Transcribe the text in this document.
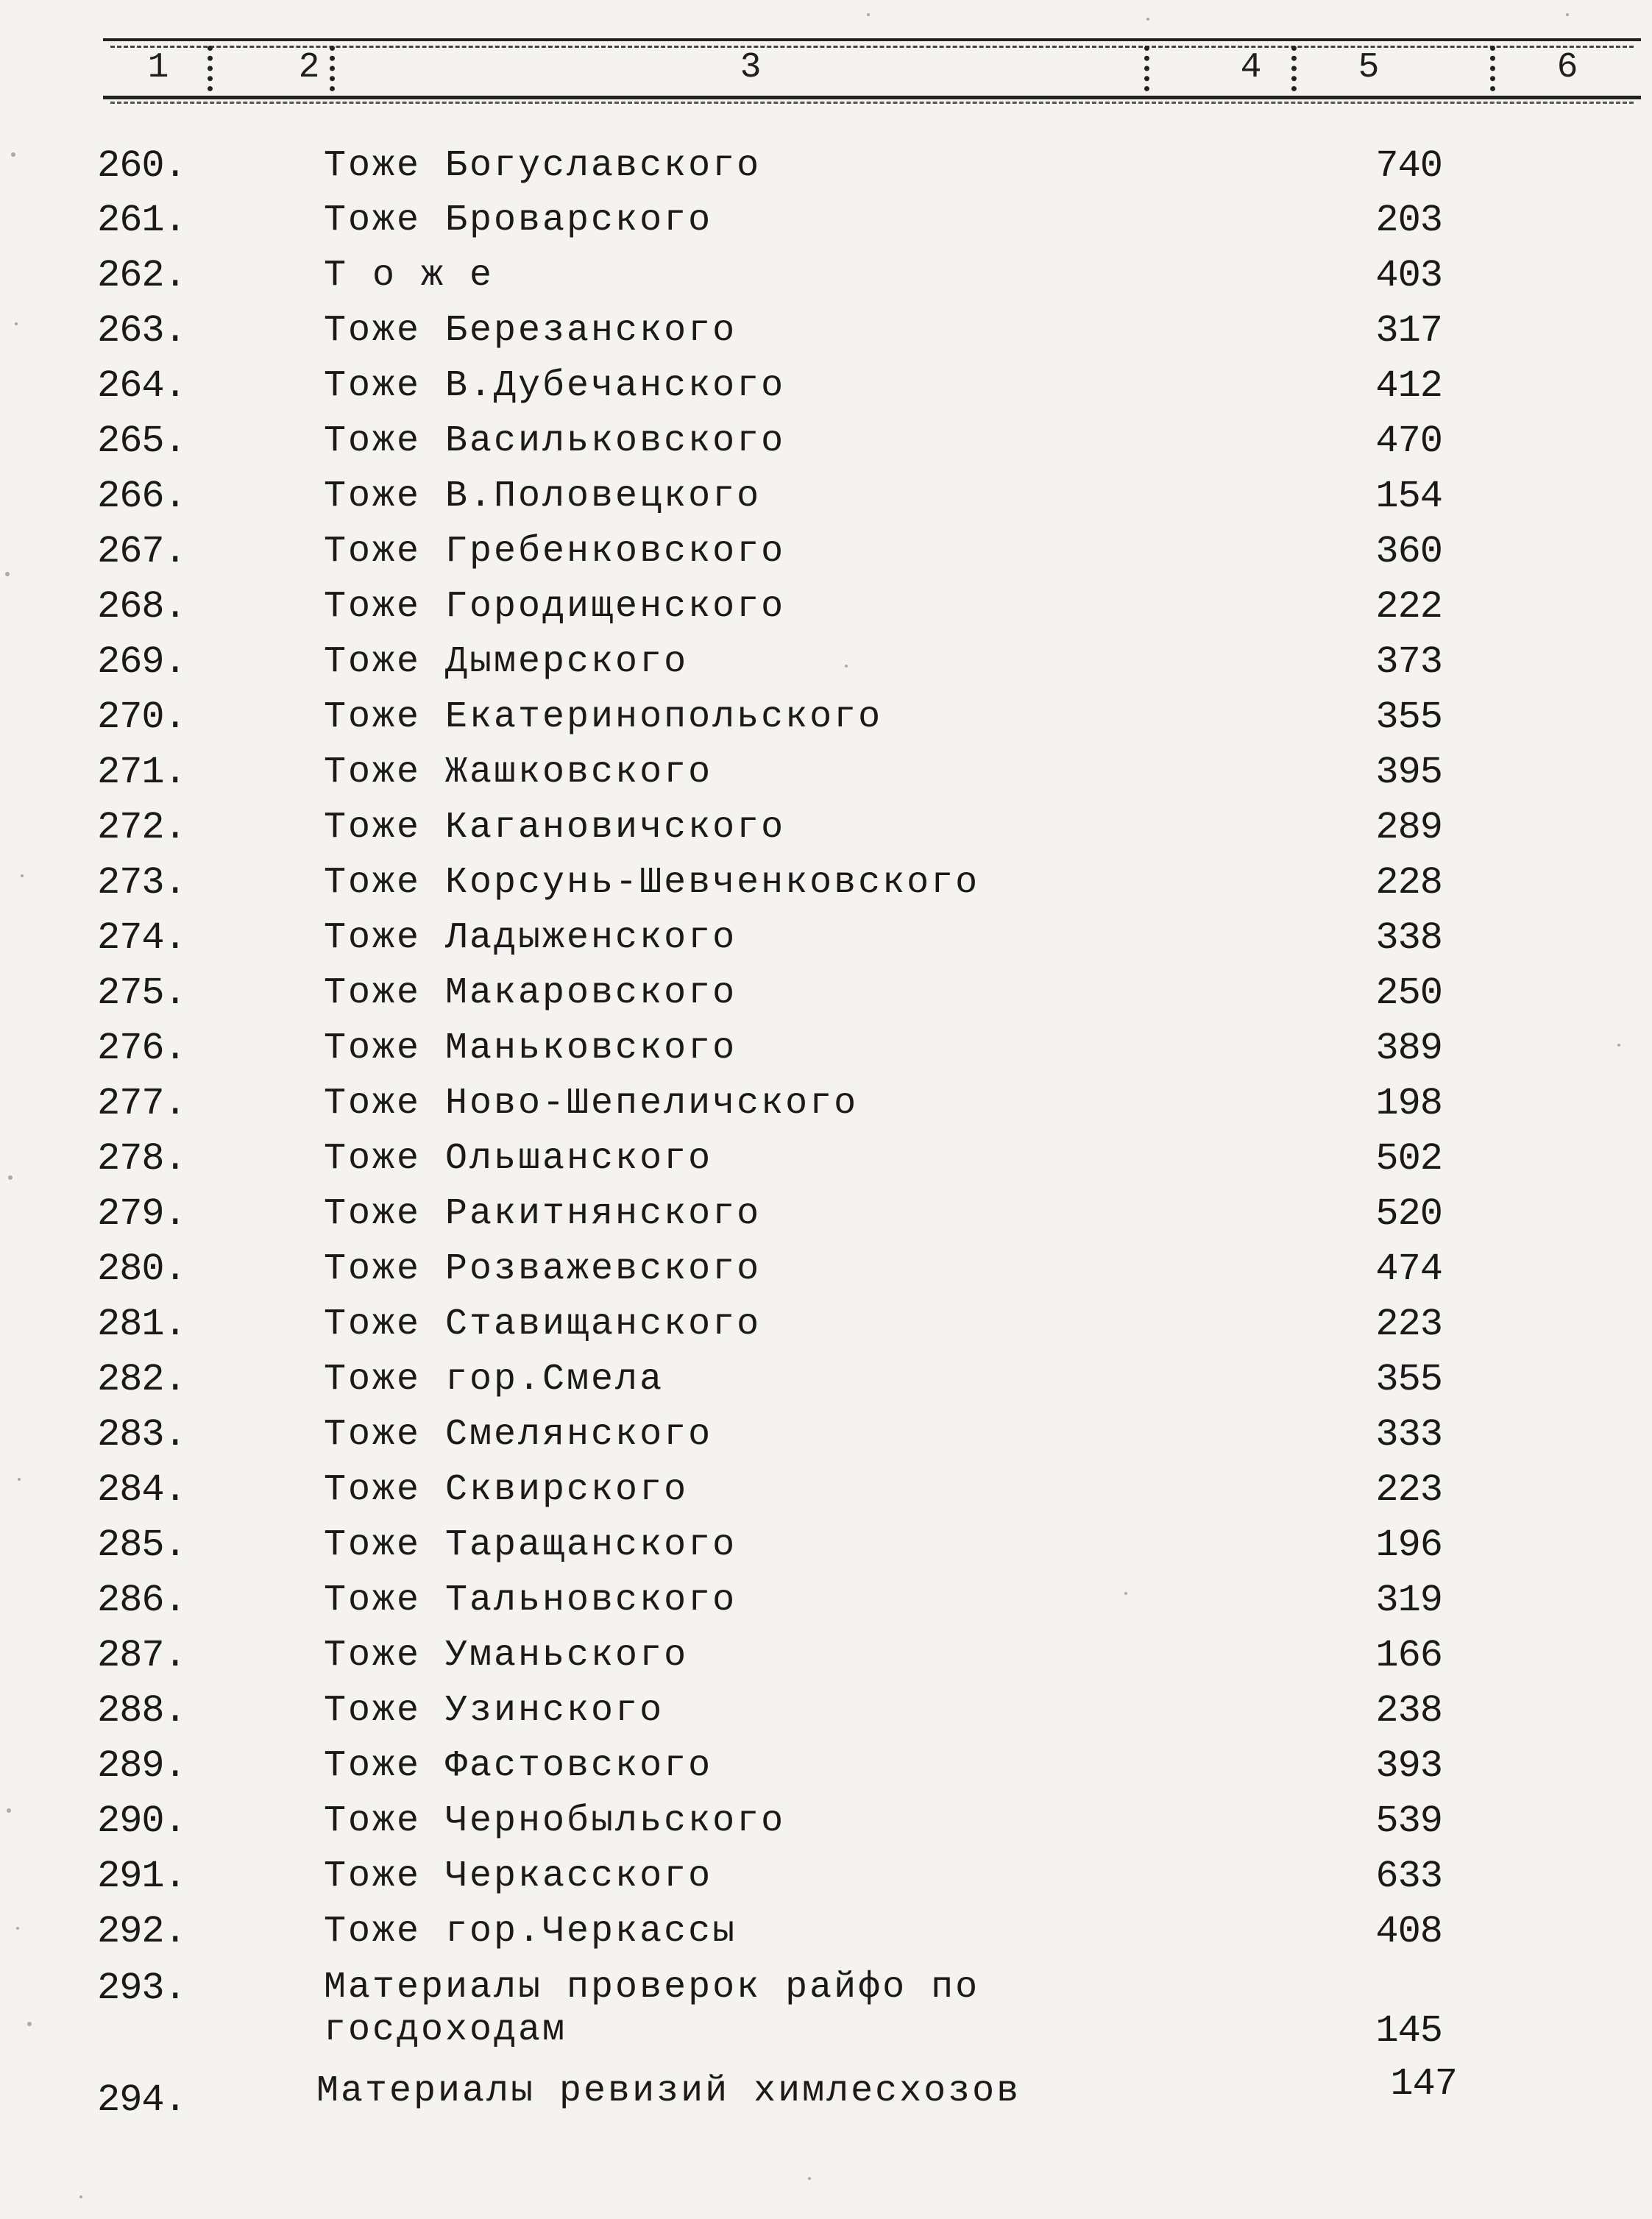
1	2	3	4	5	6
260.	Тоже Богуславского	740
261.	Тоже Броварского	203
262.	Т о ж е	403
263.	Тоже Березанского	317
264.	Тоже В.Дубечанского	412
265.	Тоже Васильковского	470
266.	Тоже В.Половецкого	154
267.	Тоже Гребенковского	360
268.	Тоже Городищенского	222
269.	Тоже Дымерского	373
270.	Тоже Екатеринопольского	355
271.	Тоже Жашковского	395
272.	Тоже Кагановичского	289
273.	Тоже Корсунь-Шевченковского	228
274.	Тоже Ладыженского	338
275.	Тоже Макаровского	250
276.	Тоже Маньковского	389
277.	Тоже Ново-Шепеличского	198
278.	Тоже Ольшанского	502
279.	Тоже Ракитнянского	520
280.	Тоже Розважевского	474
281.	Тоже Ставищанского	223
282.	Тоже гор.Смела	355
283.	Тоже Смелянского	333
284.	Тоже Сквирского	223
285.	Тоже Таращанского	196
286.	Тоже Тальновского	319
287.	Тоже Уманьского	166
288.	Тоже Узинского	238
289.	Тоже Фастовского	393
290.	Тоже Чернобыльского	539
291.	Тоже Черкасского	633
292.	Тоже гор.Черкассы	408
293.	Материалы проверок райфо по госдоходам	145
294.	Материалы ревизий химлесхозов	147
